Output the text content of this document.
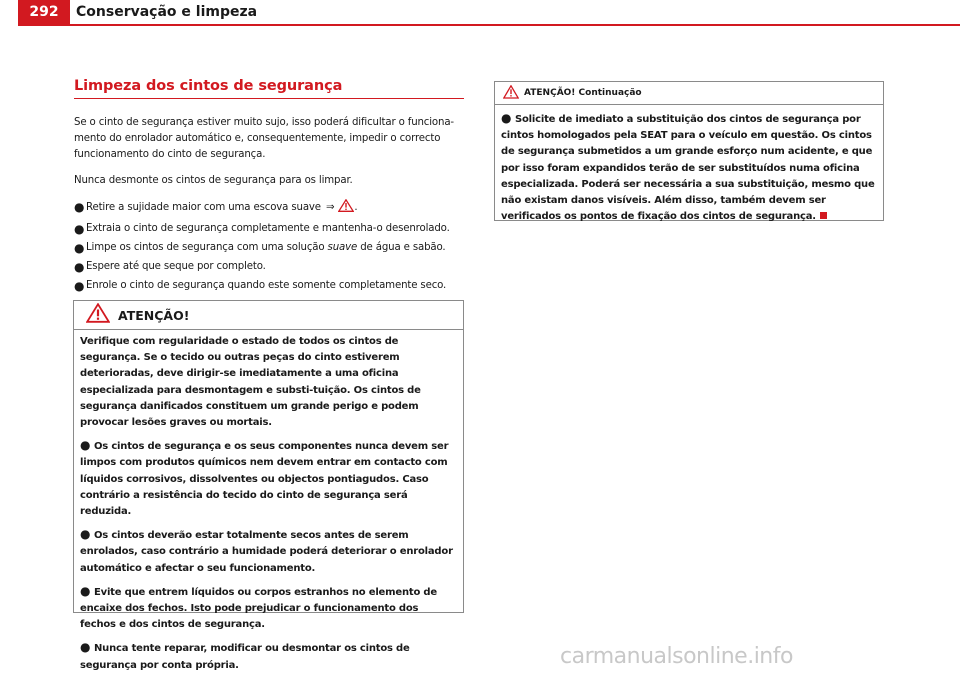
292	Conservação e limpeza
Limpeza dos cintos de segurança

Se o cinto de segurança estiver muito sujo, isso poderá dificultar o funciona-mento do enrolador automático e, consequentemente, impedir o correcto funcionamento do cinto de segurança.

Nunca desmonte os cintos de segurança para os limpar.

● Retire a sujidade maior com uma escova suave ⇒ .
● Extraia o cinto de segurança completamente e mantenha-o desenrolado.
● Limpe os cintos de segurança com uma solução suave de água e sabão.
● Espere até que seque por completo.
● Enrole o cinto de segurança quando este somente completamente seco.
ATENÇÃO!

Verifique com regularidade o estado de todos os cintos de segurança. Se o tecido ou outras peças do cinto estiverem deterioradas, deve dirigir-se imediatamente a uma oficina especializada para desmontagem e substi-tuição. Os cintos de segurança danificados constituem um grande perigo e podem provocar lesões graves ou mortais.

● Os cintos de segurança e os seus componentes nunca devem ser limpos com produtos químicos nem devem entrar em contacto com líquidos corrosivos, dissolventes ou objectos pontiagudos. Caso contrário a resistência do tecido do cinto de segurança será reduzida.

● Os cintos deverão estar totalmente secos antes de serem enrolados, caso contrário a humidade poderá deteriorar o enrolador automático e afectar o seu funcionamento.

● Evite que entrem líquidos ou corpos estranhos no elemento de encaixe dos fechos. Isto pode prejudicar o funcionamento dos fechos e dos cintos de segurança.

● Nunca tente reparar, modificar ou desmontar os cintos de segurança por conta própria.

ATENÇÃO! Continuação

● Solicite de imediato a substituição dos cintos de segurança por cintos homologados pela SEAT para o veículo em questão. Os cintos de segurança submetidos a um grande esforço num acidente, e que por isso foram expandidos terão de ser substituídos numa oficina especializada. Poderá ser necessária a sua substituição, mesmo que não existam danos visíveis. Além disso, também devem ser verificados os pontos de fixação dos cintos de segurança.

carmanualsonline.info
